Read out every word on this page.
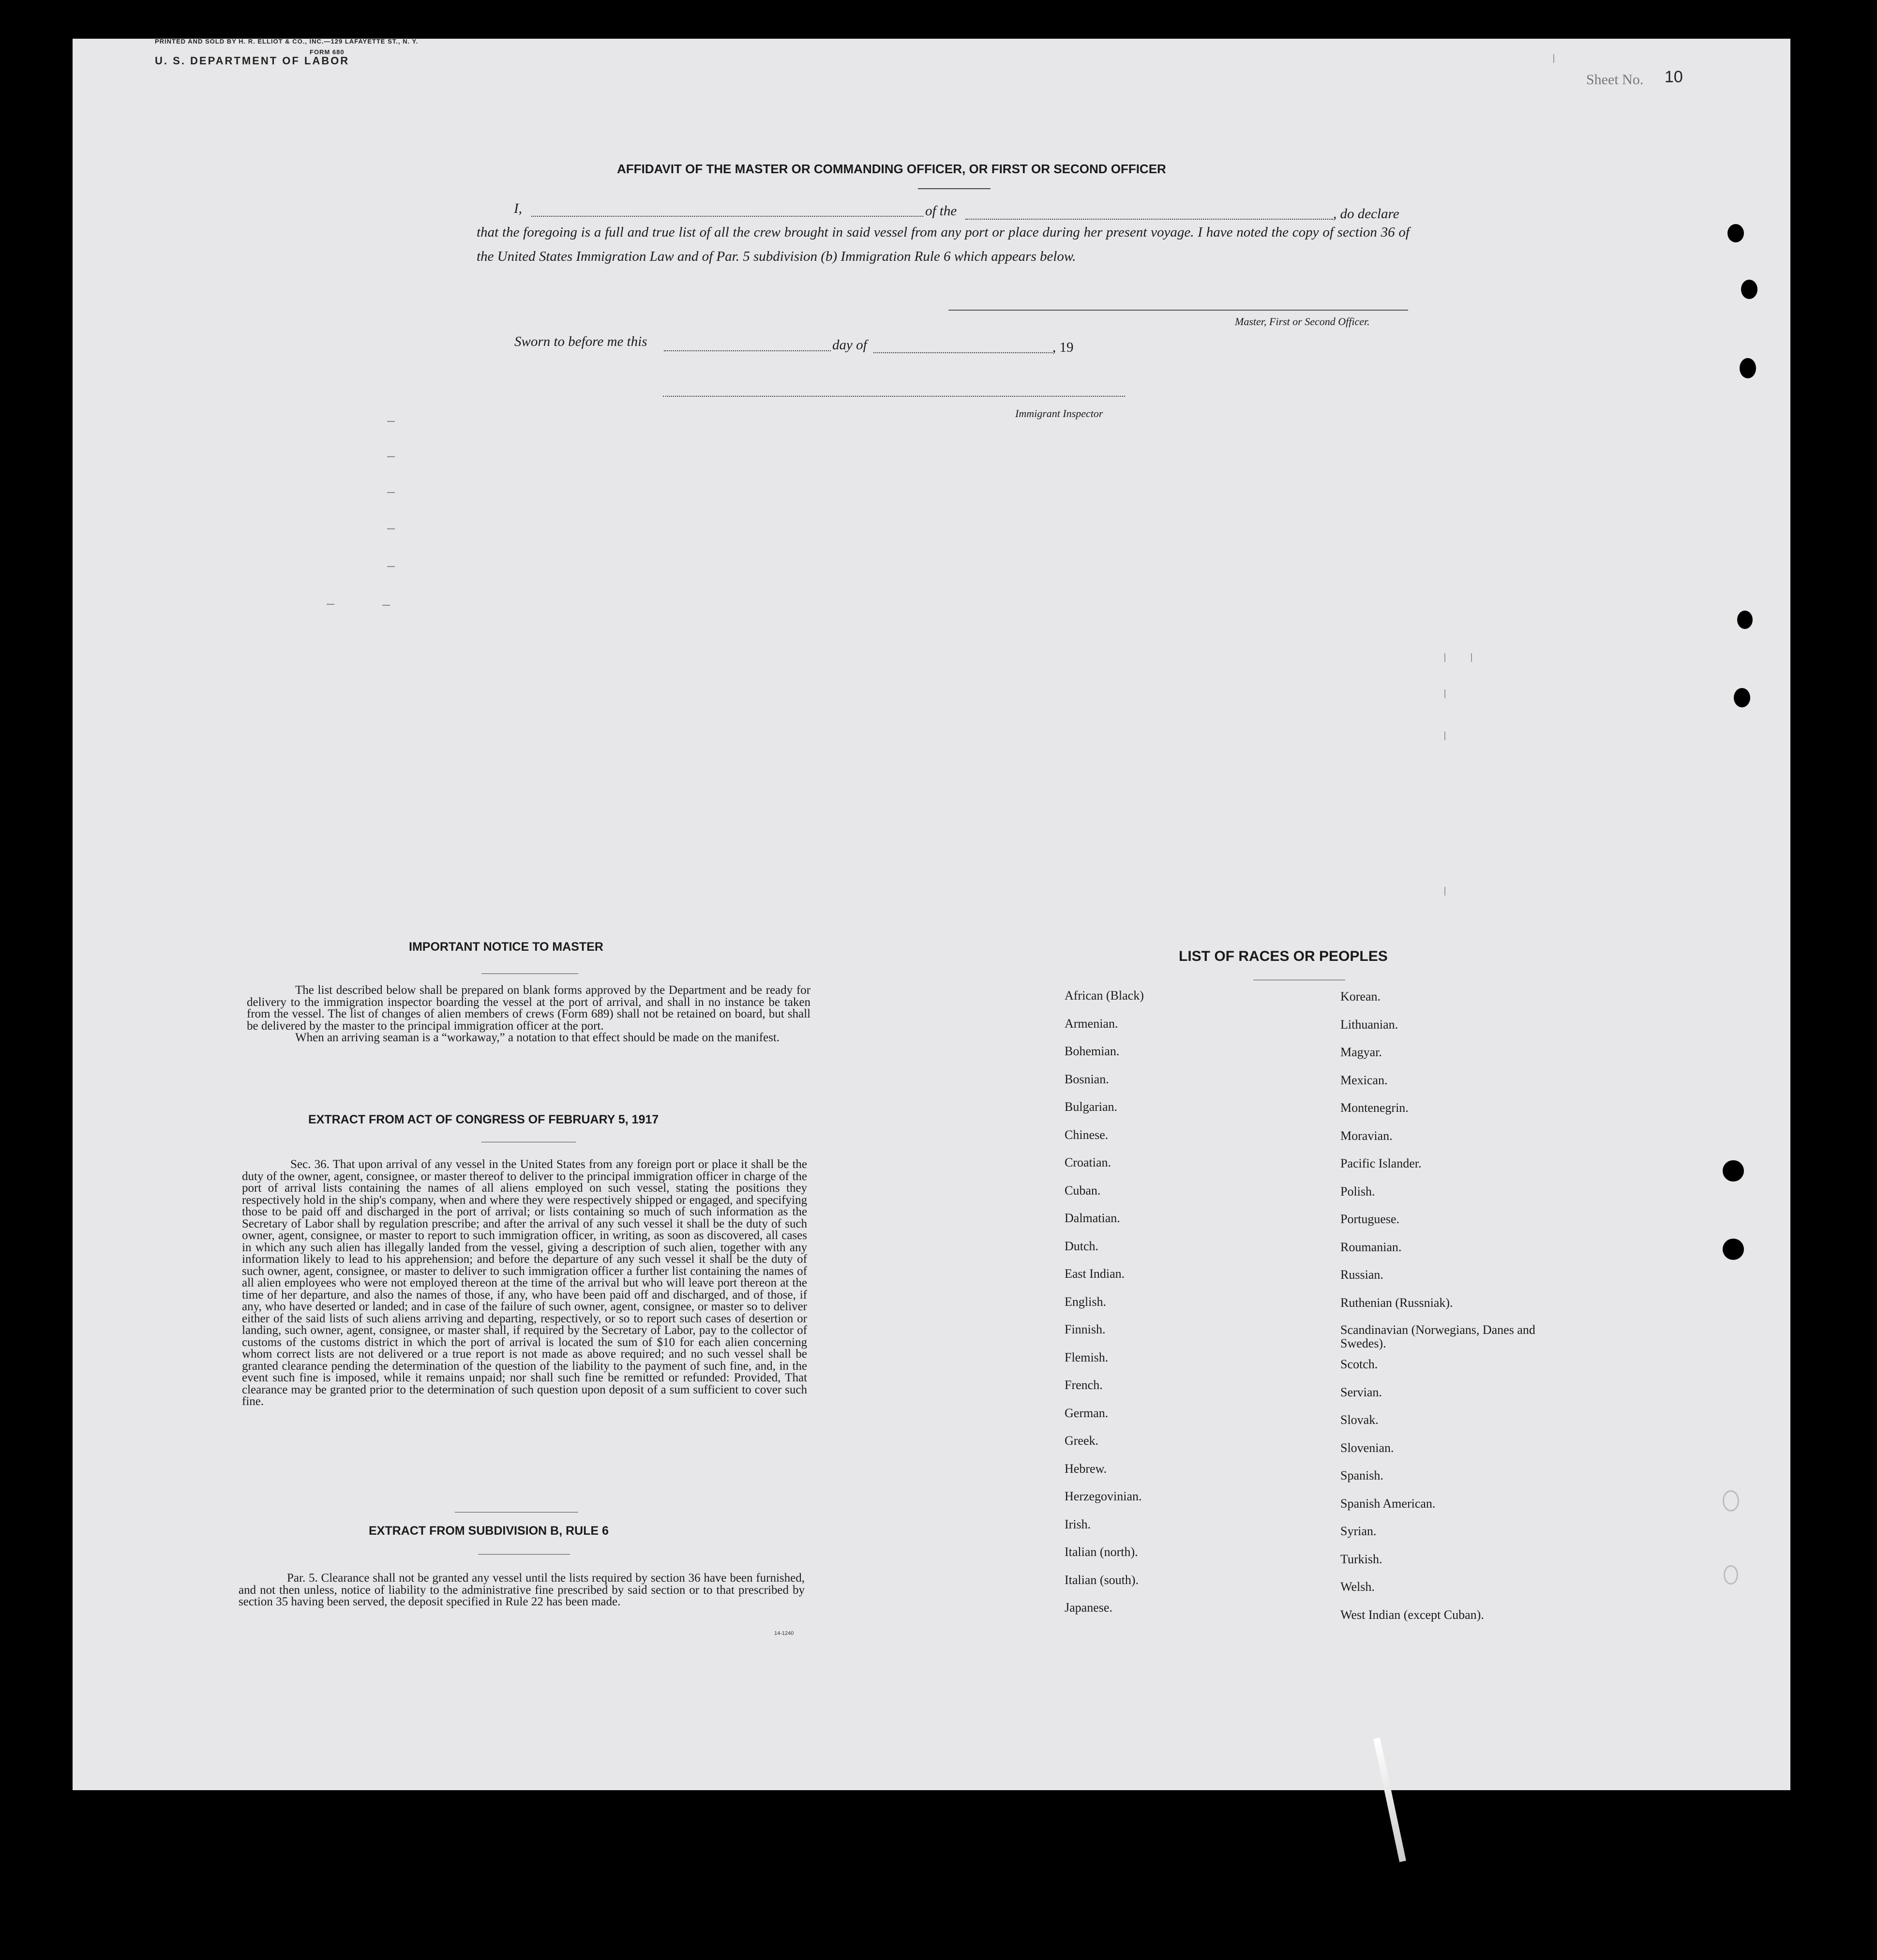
PRINTED AND SOLD BY H. R. ELLIOT & CO., INC.—129 LAFAYETTE ST., N. Y.
FORM 680
U. S. DEPARTMENT OF LABOR
Sheet No. 10
AFFIDAVIT OF THE MASTER OR COMMANDING OFFICER, OR FIRST OR SECOND OFFICER
I,	of the	, do declare
that the foregoing is a full and true list of all the crew brought in said vessel from any port or place during her present voyage. I have noted the copy of section 36 of the United States Immigration Law and of Par. 5 subdivision (b) Immigration Rule 6 which appears below.
Master, First or Second Officer.
Sworn to before me this	day of	, 19
Immigrant Inspector
IMPORTANT NOTICE TO MASTER

The list described below shall be prepared on blank forms approved by the Department and be ready for delivery to the immigration inspector boarding the vessel at the port of arrival, and shall in no instance be taken from the vessel. The list of changes of alien members of crews (Form 689) shall not be retained on board, but shall be delivered by the master to the principal immigration officer at the port.

When an arriving seaman is a “workaway,” a notation to that effect should be made on the manifest.

EXTRACT FROM ACT OF CONGRESS OF FEBRUARY 5, 1917

Sec. 36. That upon arrival of any vessel in the United States from any foreign port or place it shall be the duty of the owner, agent, consignee, or master thereof to deliver to the principal immigration officer in charge of the port of arrival lists containing the names of all aliens employed on such vessel, stating the positions they respectively hold in the ship's company, when and where they were respectively shipped or engaged, and specifying those to be paid off and discharged in the port of arrival; or lists containing so much of such information as the Secretary of Labor shall by regulation prescribe; and after the arrival of any such vessel it shall be the duty of such owner, agent, consignee, or master to report to such immigration officer, in writing, as soon as discovered, all cases in which any such alien has illegally landed from the vessel, giving a description of such alien, together with any information likely to lead to his apprehension; and before the departure of any such vessel it shall be the duty of such owner, agent, consignee, or master to deliver to such immigration officer a further list containing the names of all alien employees who were not employed thereon at the time of the arrival but who will leave port thereon at the time of her departure, and also the names of those, if any, who have been paid off and discharged, and of those, if any, who have deserted or landed; and in case of the failure of such owner, agent, consignee, or master so to deliver either of the said lists of such aliens arriving and departing, respectively, or so to report such cases of desertion or landing, such owner, agent, consignee, or master shall, if required by the Secretary of Labor, pay to the collector of customs of the customs district in which the port of arrival is located the sum of $10 for each alien concerning whom correct lists are not delivered or a true report is not made as above required; and no such vessel shall be granted clearance pending the determination of the question of the liability to the payment of such fine, and, in the event such fine is imposed, while it remains unpaid; nor shall such fine be remitted or refunded: Provided, That clearance may be granted prior to the determination of such question upon deposit of a sum sufficient to cover such fine.

EXTRACT FROM SUBDIVISION B, RULE 6

Par. 5. Clearance shall not be granted any vessel until the lists required by section 36 have been furnished, and not then unless, notice of liability to the administrative fine prescribed by said section or to that prescribed by section 35 having been served, the deposit specified in Rule 22 has been made.

14-1240
LIST OF RACES OR PEOPLES
African (Black)
Armenian.
Bohemian.
Bosnian.
Bulgarian.
Chinese.
Croatian.
Cuban.
Dalmatian.
Dutch.
East Indian.
English.
Finnish.
Flemish.
French.
German.
Greek.
Hebrew.
Herzegovinian.
Irish.
Italian (north).
Italian (south).
Japanese.
Korean.
Lithuanian.
Magyar.
Mexican.
Montenegrin.
Moravian.
Pacific Islander.
Polish.
Portuguese.
Roumanian.
Russian.
Ruthenian (Russniak).
Scandinavian (Norwegians, Danes and Swedes).
Scotch.
Servian.
Slovak.
Slovenian.
Spanish.
Spanish American.
Syrian.
Turkish.
Welsh.
West Indian (except Cuban).
